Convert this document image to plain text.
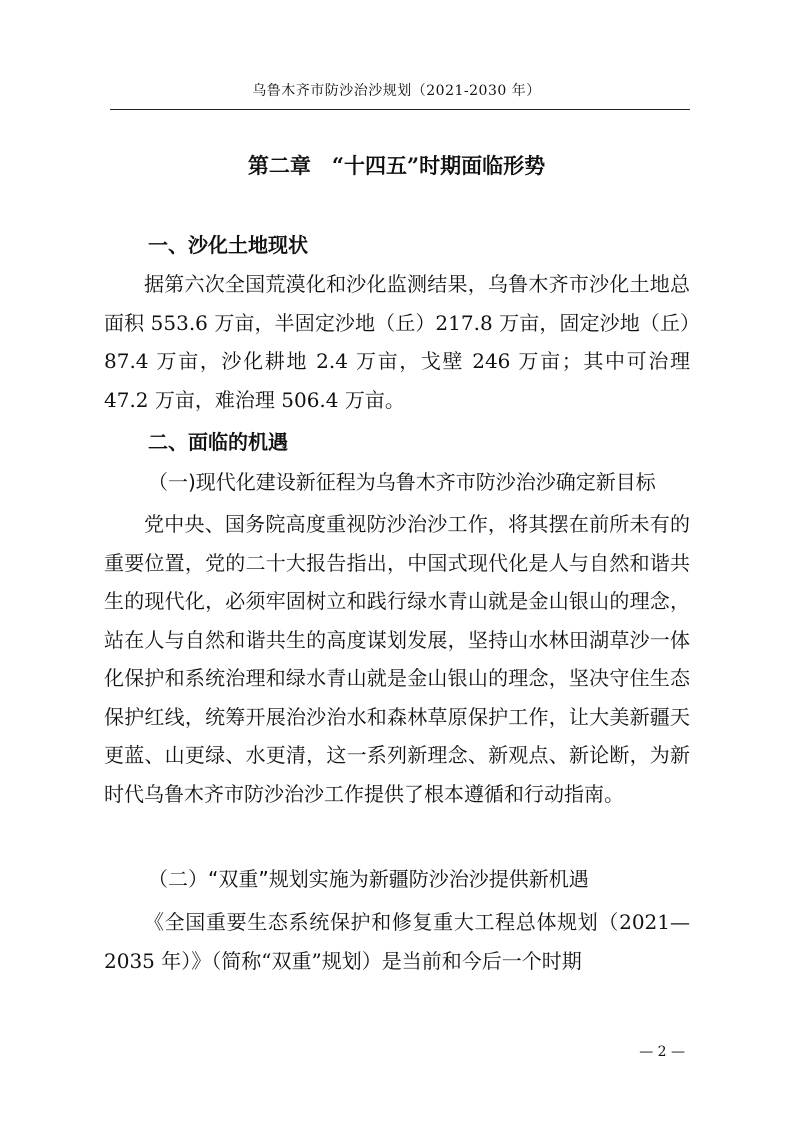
乌鲁木齐市防沙治沙规划（2021-2030 年）
第二章　“十四五”时期面临形势
一、沙化土地现状

据第六次全国荒漠化和沙化监测结果，乌鲁木齐市沙化土地总面积 553.6 万亩，半固定沙地（丘）217.8 万亩，固定沙地（丘）87.4 万亩，沙化耕地 2.4 万亩，戈壁 246 万亩；其中可治理 47.2 万亩，难治理 506.4 万亩。

二、面临的机遇
（一)现代化建设新征程为乌鲁木齐市防沙治沙确定新目标

党中央、国务院高度重视防沙治沙工作，将其摆在前所未有的重要位置，党的二十大报告指出，中国式现代化是人与自然和谐共生的现代化，必须牢固树立和践行绿水青山就是金山银山的理念，站在人与自然和谐共生的高度谋划发展，坚持山水林田湖草沙一体化保护和系统治理和绿水青山就是金山银山的理念，坚决守住生态保护红线，统筹开展治沙治水和森林草原保护工作，让大美新疆天更蓝、山更绿、水更清，这一系列新理念、新观点、新论断，为新时代乌鲁木齐市防沙治沙工作提供了根本遵循和行动指南。

（二）“双重”规划实施为新疆防沙治沙提供新机遇

《全国重要生态系统保护和修复重大工程总体规划（2021—2035 年）》（简称“双重”规划）是当前和今后一个时期

— 2 —
